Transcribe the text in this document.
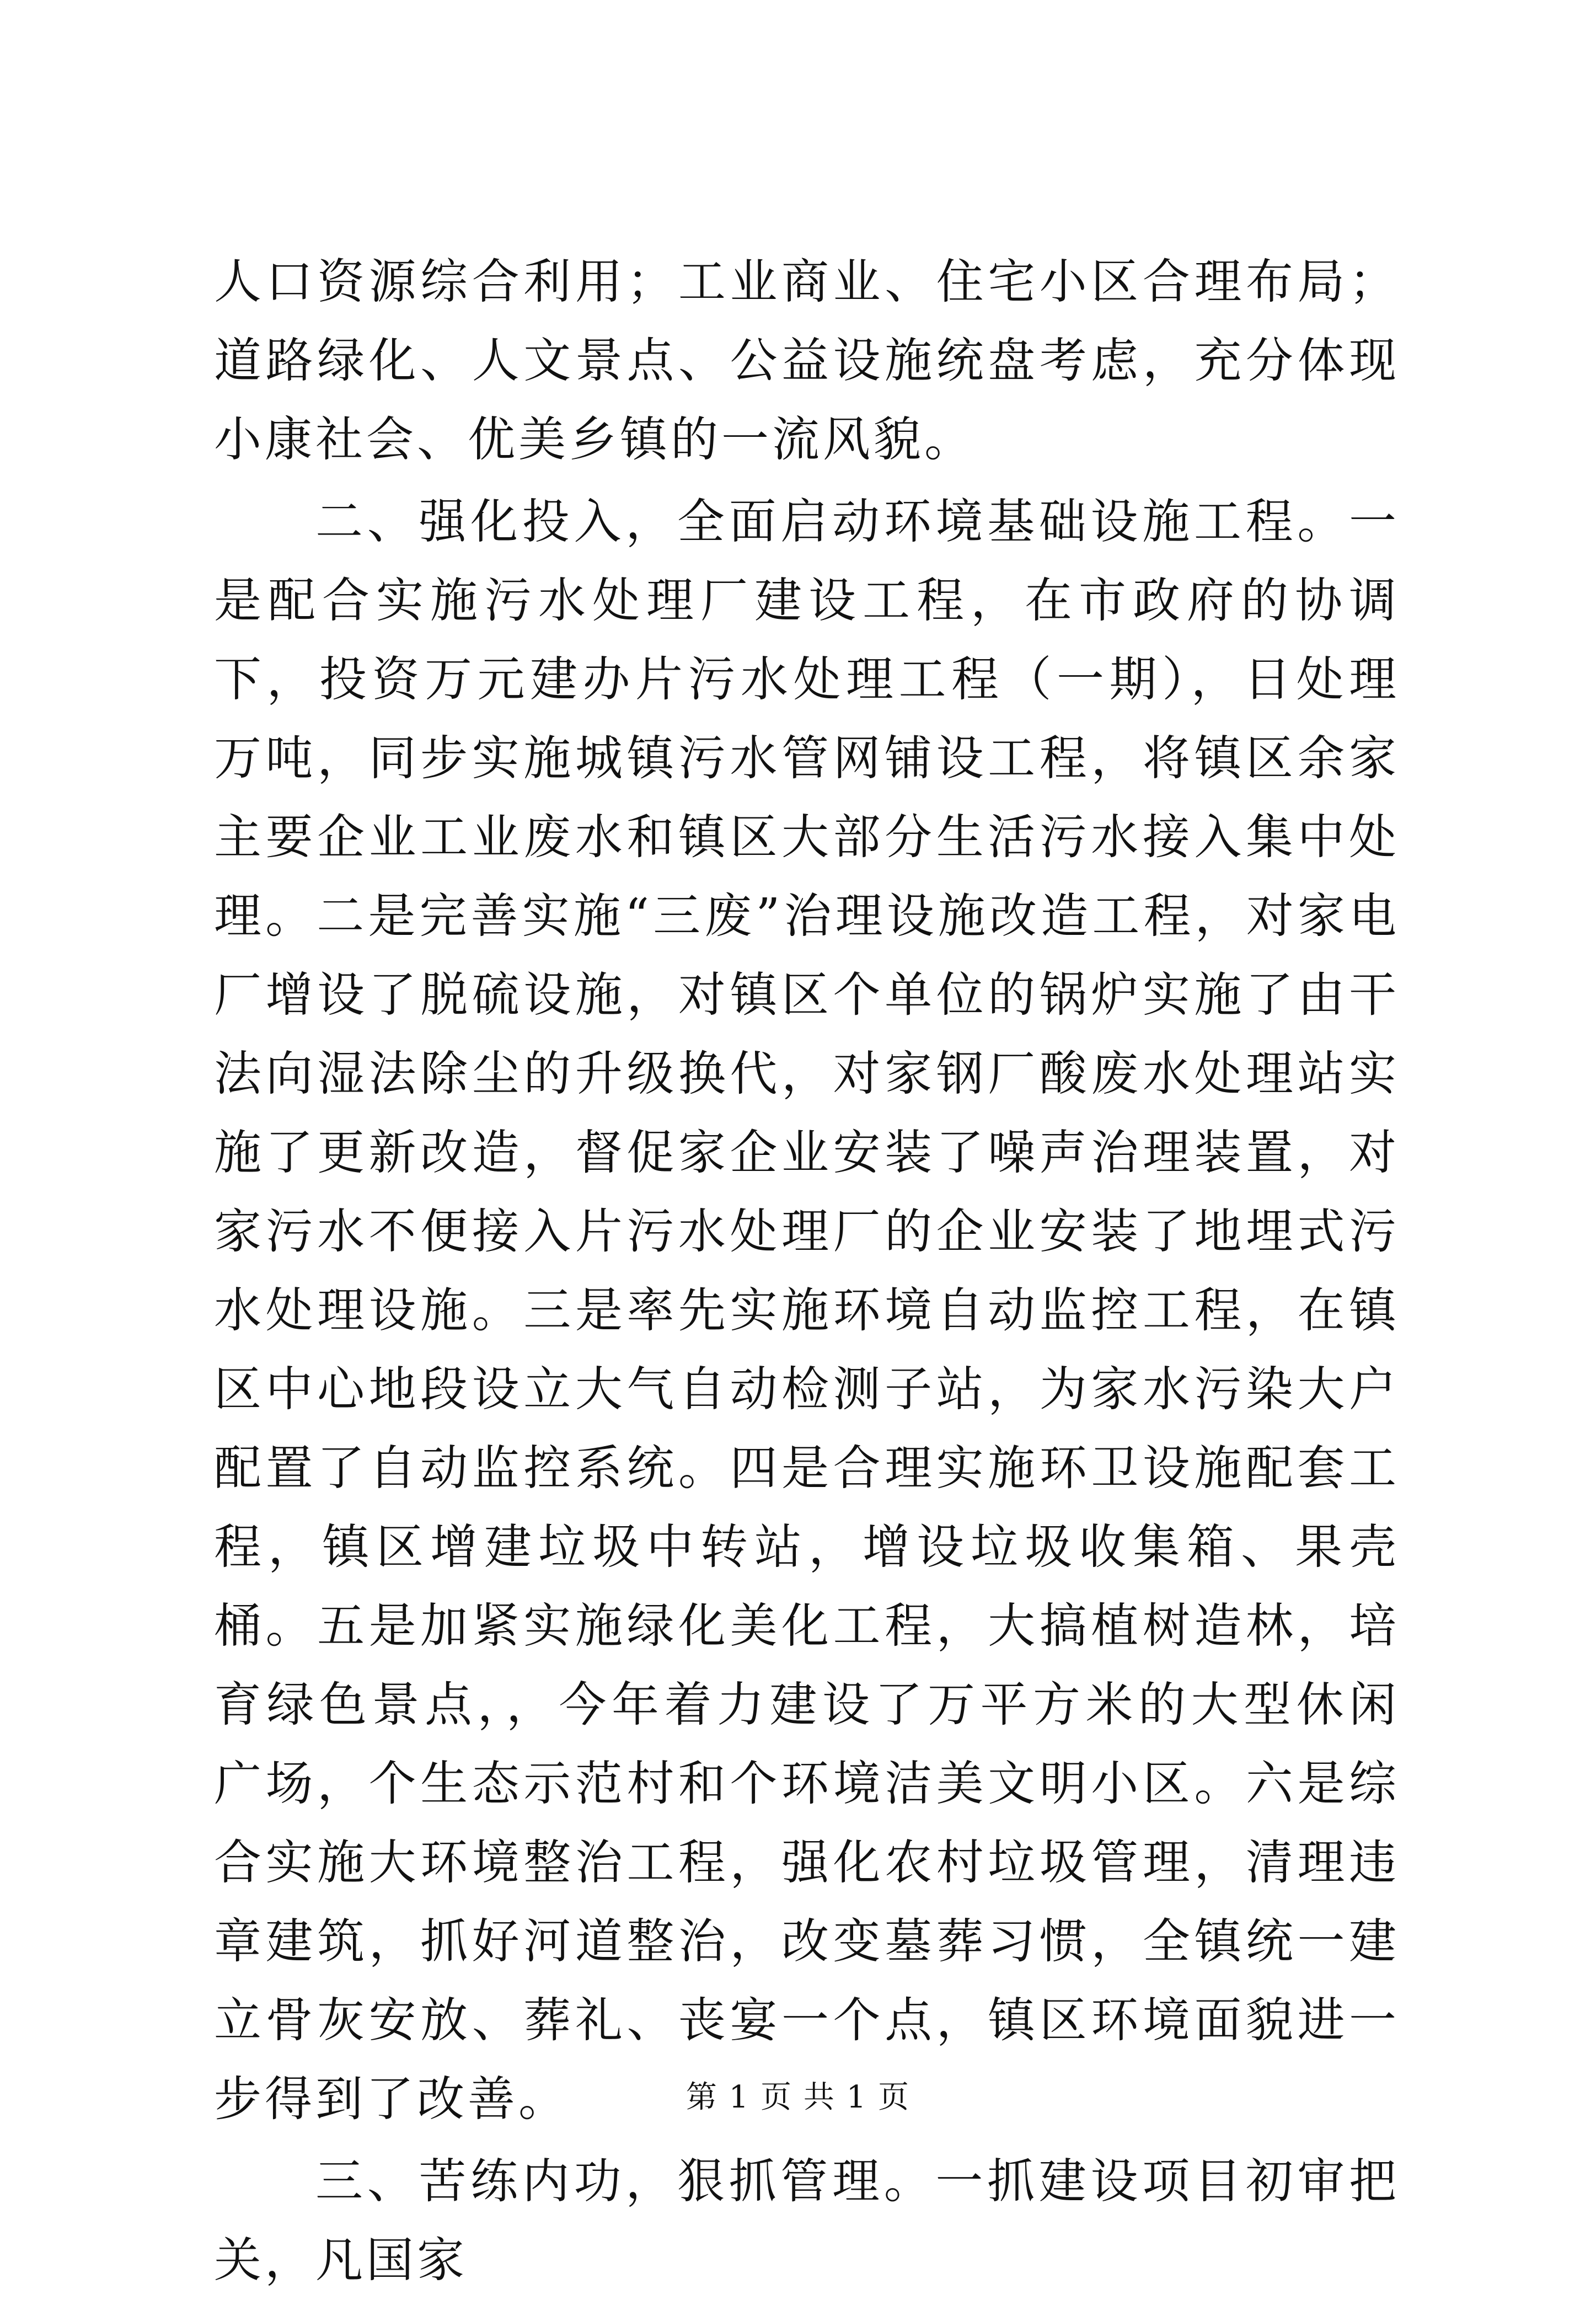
人口资源综合利用；工业商业、住宅小区合理布局；道路绿化、人文景点、公益设施统盘考虑，充分体现小康社会、优美乡镇的一流风貌。

二、强化投入，全面启动环境基础设施工程。一是配合实施污水处理厂建设工程，在市政府的协调下，投资万元建办片污水处理工程（一期），日处理万吨，同步实施城镇污水管网铺设工程，将镇区余家主要企业工业废水和镇区大部分生活污水接入集中处理。二是完善实施“三废”治理设施改造工程，对家电厂增设了脱硫设施，对镇区个单位的锅炉实施了由干法向湿法除尘的升级换代，对家钢厂酸废水处理站实施了更新改造，督促家企业安装了噪声治理装置，对家污水不便接入片污水处理厂的企业安装了地埋式污水处理设施。三是率先实施环境自动监控工程，在镇区中心地段设立大气自动检测子站，为家水污染大户配置了自动监控系统。四是合理实施环卫设施配套工程，镇区增建垃圾中转站，增设垃圾收集箱、果壳桶。五是加紧实施绿化美化工程，大搞植树造林，培育绿色景点，，今年着力建设了万平方米的大型休闲广场，个生态示范村和个环境洁美文明小区。六是综合实施大环境整治工程，强化农村垃圾管理，清理违章建筑，抓好河道整治，改变墓葬习惯，全镇统一建立骨灰安放、葬礼、丧宴一个点，镇区环境面貌进一步得到了改善。

三、苦练内功，狠抓管理。一抓建设项目初审把关，凡国家

第 1 页 共 1 页
